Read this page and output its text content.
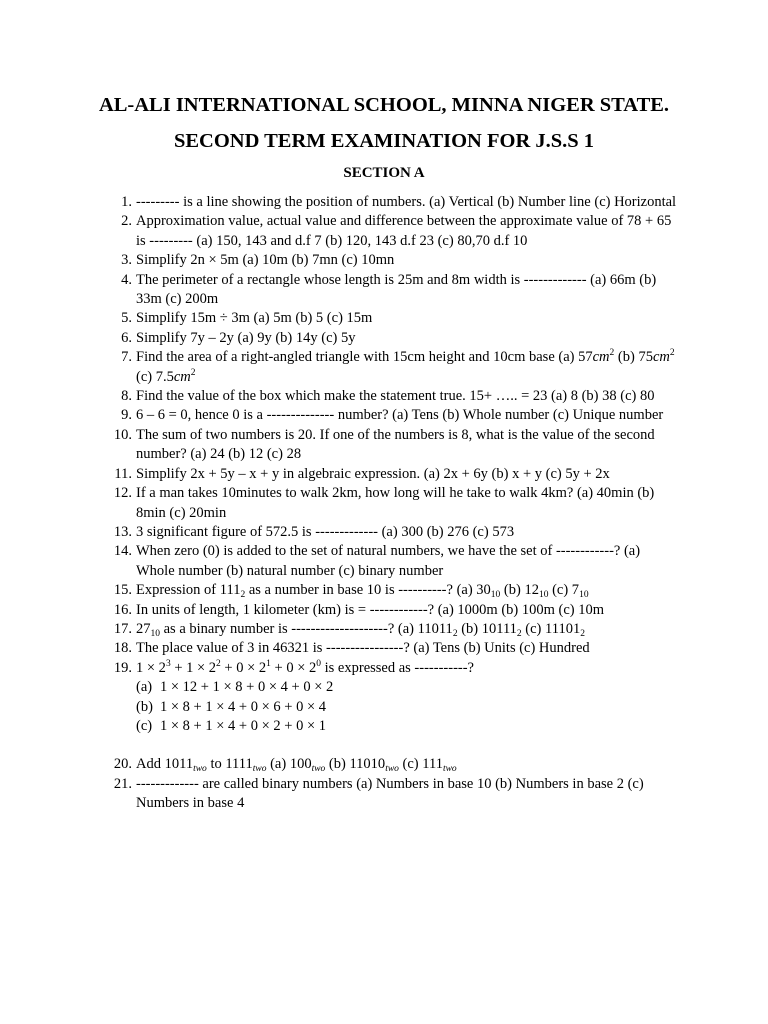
AL-ALI INTERNATIONAL SCHOOL, MINNA NIGER STATE.
SECOND TERM EXAMINATION FOR J.S.S 1
SECTION A
1. --------- is a line showing the position of numbers. (a) Vertical (b) Number line (c) Horizontal
2. Approximation value, actual value and difference between the approximate value of 78 + 65 is --------- (a) 150, 143 and d.f 7 (b) 120, 143 d.f 23 (c) 80,70 d.f 10
3. Simplify 2n × 5m (a) 10m (b) 7mn (c) 10mn
4. The perimeter of a rectangle whose length is 25m and 8m width is ------------- (a) 66m (b) 33m (c) 200m
5. Simplify 15m ÷ 3m (a) 5m (b) 5 (c) 15m
6. Simplify 7y – 2y (a) 9y (b) 14y (c) 5y
7. Find the area of a right-angled triangle with 15cm height and 10cm base (a) $57cm^2$ (b) $75cm^2$ (c) $7.5cm^2$
8. Find the value of the box which make the statement true. 15+ ….. = 23 (a) 8 (b) 38 (c) 80
9. 6 – 6 = 0, hence 0 is a -------------- number? (a) Tens (b) Whole number (c) Unique number
10. The sum of two numbers is 20. If one of the numbers is 8, what is the value of the second number? (a) 24 (b) 12 (c) 28
11. Simplify 2x + 5y – x + y in algebraic expression. (a) 2x + 6y (b) x + y (c) 5y + 2x
12. If a man takes 10minutes to walk 2km, how long will he take to walk 4km? (a) 40min (b) 8min (c) 20min
13. 3 significant figure of 572.5 is ------------- (a) 300 (b) 276 (c) 573
14. When zero (0) is added to the set of natural numbers, we have the set of ------------? (a) Whole number (b) natural number (c) binary number
15. Expression of $111_2$ as a number in base 10 is ----------? (a) $30_{10}$ (b) $12_{10}$ (c) $7_{10}$
16. In units of length, 1 kilometer (km) is = ------------? (a) 1000m (b) 100m (c) 10m
17. $27_{10}$ as a binary number is --------------------? (a) $11011_2$ (b) $10111_2$ (c) $11101_2$
18. The place value of 3 in 46321 is ----------------? (a) Tens (b) Units (c) Hundred
19. $1 \times 2^3 + 1 \times 2^2 + 0 \times 2^1 + 0 \times 2^0$ is expressed as -----------?
(a) 1 × 12 + 1 × 8 + 0 × 4 + 0 × 2
(b) 1 × 8 + 1 × 4 + 0 × 6 + 0 × 4
(c) 1 × 8 + 1 × 4 + 0 × 2 + 0 × 1
20. Add $1011_{two}$ to $1111_{two}$ (a) $100_{two}$ (b) $11010_{two}$ (c) $111_{two}$
21. ------------- are called binary numbers (a) Numbers in base 10 (b) Numbers in base 2 (c) Numbers in base 4
